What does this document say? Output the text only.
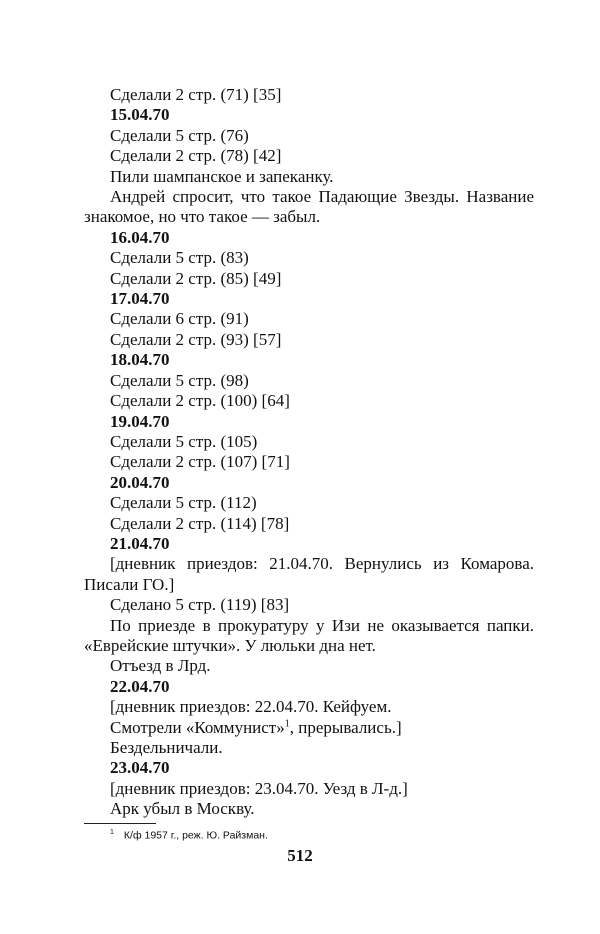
Сделали 2 стр. (71) [35]

15.04.70

Сделали 5 стр. (76)

Сделали 2 стр. (78) [42]

Пили шампанское и запеканку.

Андрей спросит, что такое Падающие Звезды. Название знакомое, но что такое — забыл.

16.04.70

Сделали 5 стр. (83)

Сделали 2 стр. (85) [49]

17.04.70

Сделали 6 стр. (91)

Сделали 2 стр. (93) [57]

18.04.70

Сделали 5 стр. (98)

Сделали 2 стр. (100) [64]

19.04.70

Сделали 5 стр. (105)

Сделали 2 стр. (107) [71]

20.04.70

Сделали 5 стр. (112)

Сделали 2 стр. (114) [78]

21.04.70

[дневник приездов: 21.04.70. Вернулись из Комарова. Писали ГО.]

Сделано 5 стр. (119) [83]

По приезде в прокуратуру у Изи не оказывается папки. «Еврейские штучки». У люльки дна нет.

Отъезд в Лрд.

22.04.70

[дневник приездов: 22.04.70. Кейфуем.

Смотрели «Коммунист»$^1$, прерывались.]

Бездельничали.

23.04.70

[дневник приездов: 23.04.70. Уезд в Л-д.]

Арк убыл в Москву.

$^1$ К/ф 1957 г., реж. Ю. Райзман.
512
